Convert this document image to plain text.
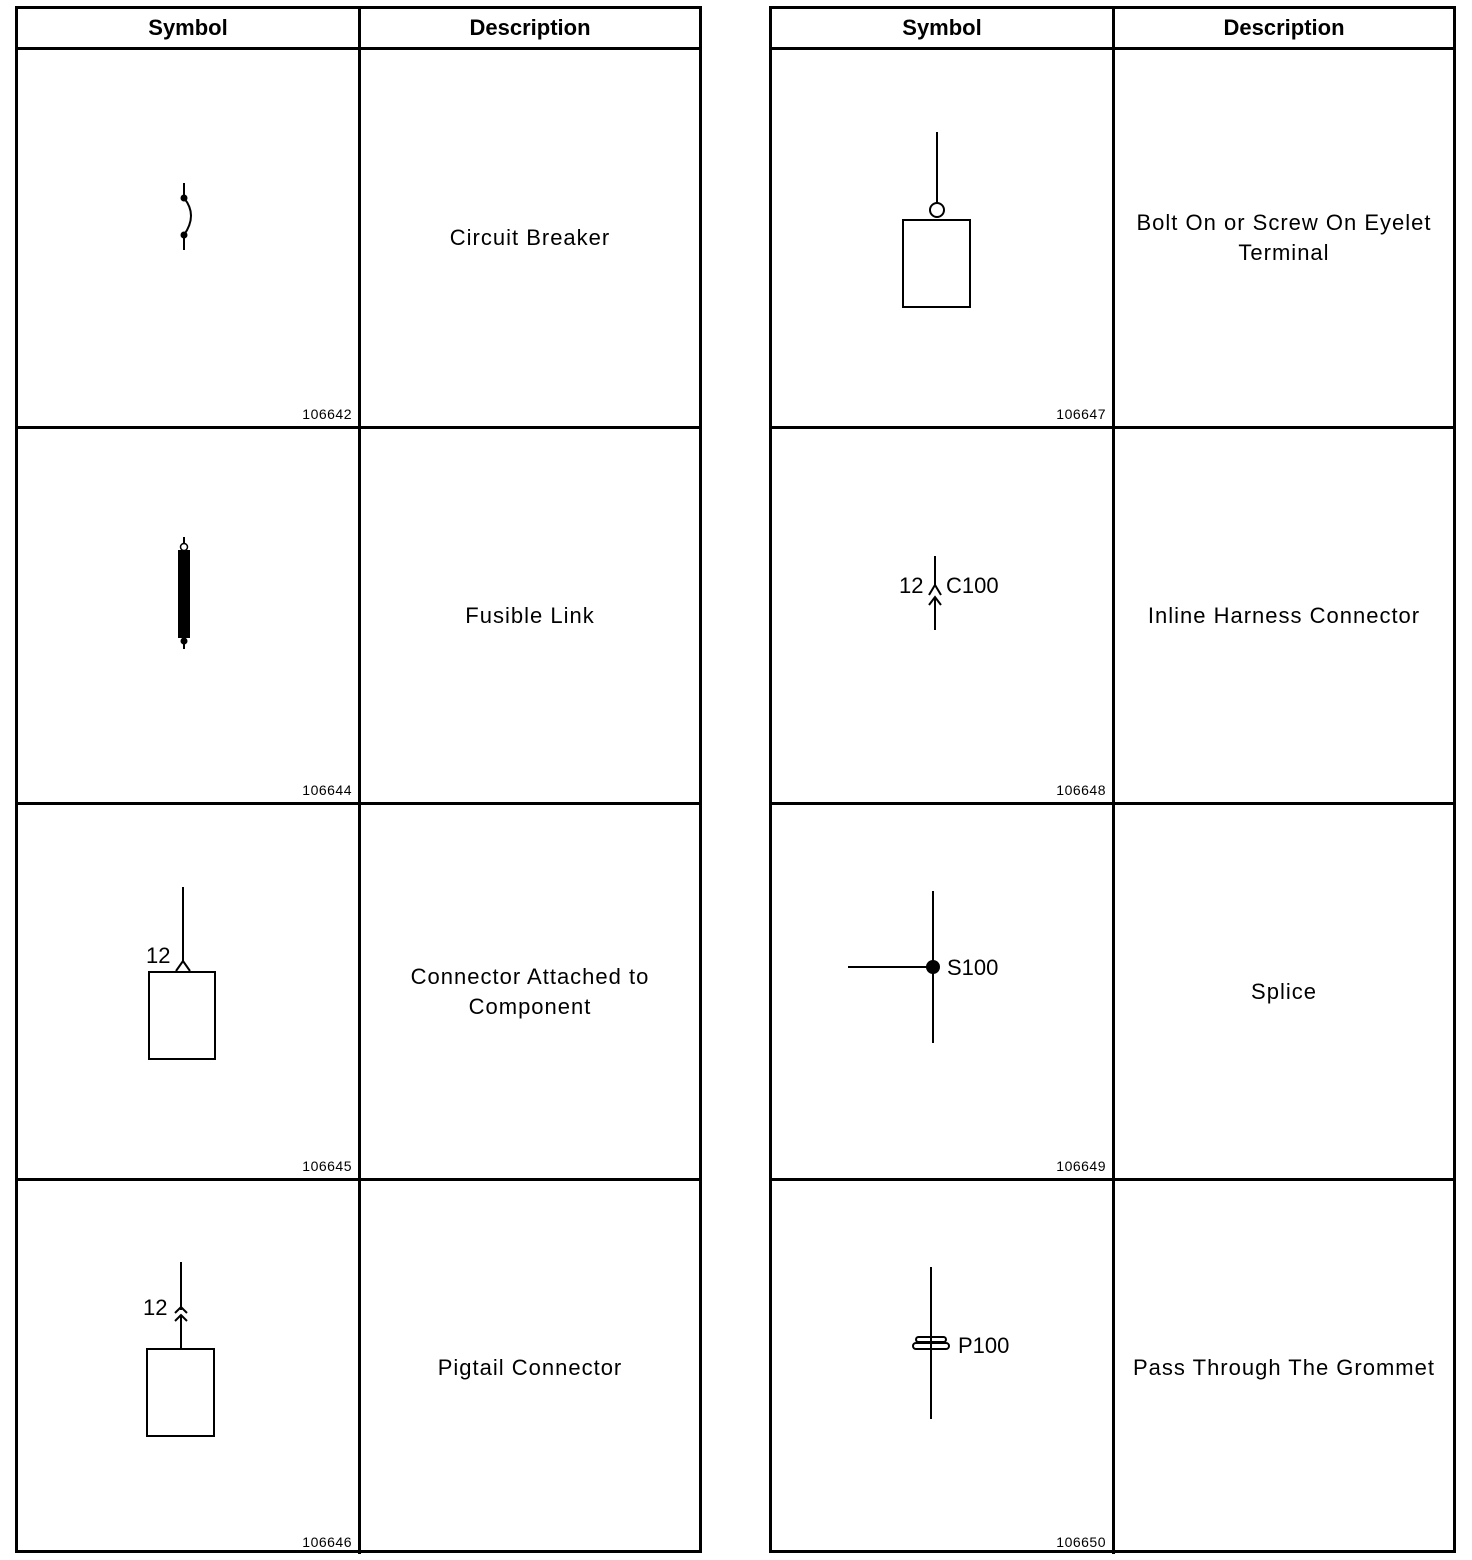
Symbol	Description
106642
Circuit Breaker
106644
Fusible Link
12
106645
Connector Attached to Component
12
106646
Pigtail Connector
Symbol	Description
106647
Bolt On or Screw On Eyelet Terminal
12 C100
106648
Inline Harness Connector
S100
106649
Splice
P100
106650
Pass Through The Grommet
